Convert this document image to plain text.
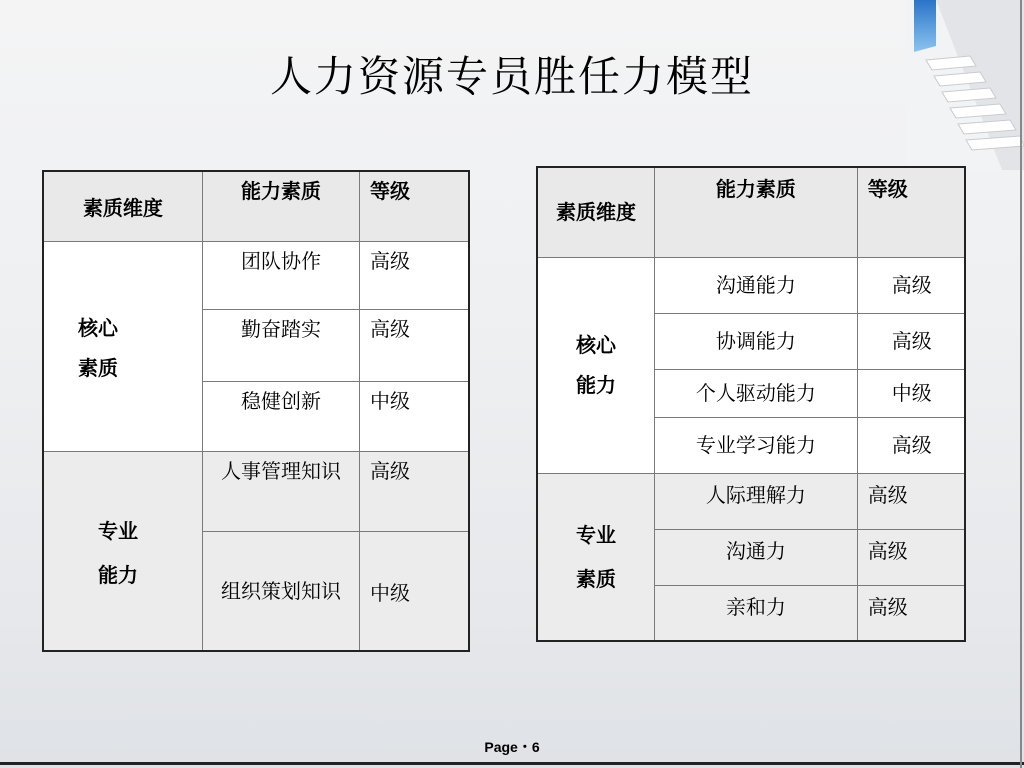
人力资源专员胜任力模型
素质维度	能力素质	等级

核心
素质	团队协作	高级
	勤奋踏实	高级
	稳健创新	中级

专业
能力	人事管理知识	高级
	组织策划知识	中级
素质维度	能力素质	等级

核心
能力	沟通能力	高级
	协调能力	高级
	个人驱动能力	中级
	专业学习能力	高级

专业
素质	人际理解力	高级
	沟通力	高级
	亲和力	高级
Page・6
